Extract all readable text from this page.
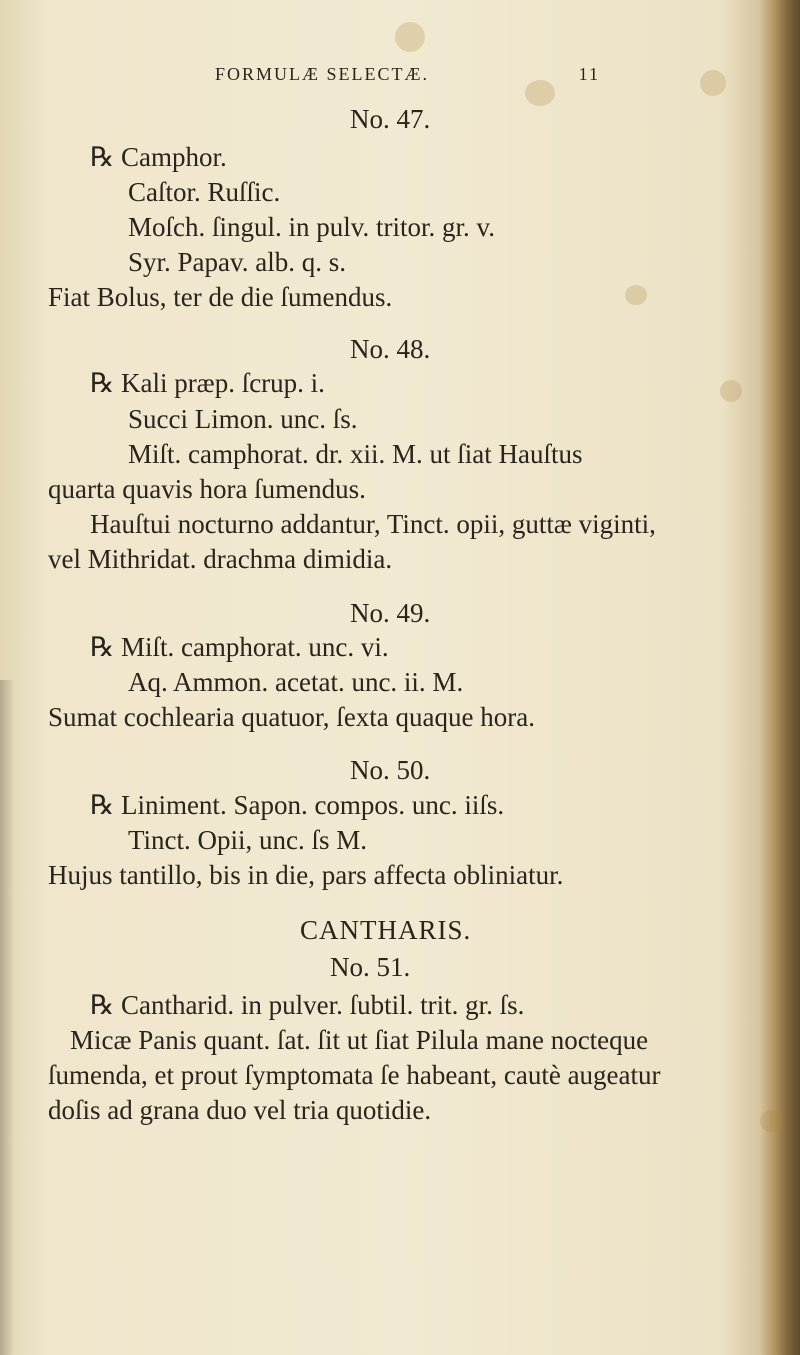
FORMULÆ SELECTÆ.	11
No. 47.
℞ Camphor.
Caſtor. Ruſſic.
Moſch. ſingul. in pulv. tritor. gr. v.
Syr. Papav. alb. q. s.
Fiat Bolus, ter de die ſumendus.
No. 48.
℞ Kali præp. ſcrup. i.
Succi Limon. unc. ſs.
Miſt. camphorat. dr. xii. M. ut ſiat Hauſtus
quarta quavis hora ſumendus.
Hauſtui nocturno addantur, Tinct. opii, guttæ viginti,
vel Mithridat. drachma dimidia.
No. 49.
℞ Miſt. camphorat. unc. vi.
Aq. Ammon. acetat. unc. ii. M.
Sumat cochlearia quatuor, ſexta quaque hora.
No. 50.
℞ Liniment. Sapon. compos. unc. iiſs.
Tinct. Opii, unc. ſs M.
Hujus tantillo, bis in die, pars affecta obliniatur.
CANTHARIS.
No. 51.
℞ Cantharid. in pulver. ſubtil. trit. gr. ſs.
Micæ Panis quant. ſat. ſit ut ſiat Pilula mane nocteque
ſumenda, et prout ſymptomata ſe habeant, cautè augeatur
doſis ad grana duo vel tria quotidie.
